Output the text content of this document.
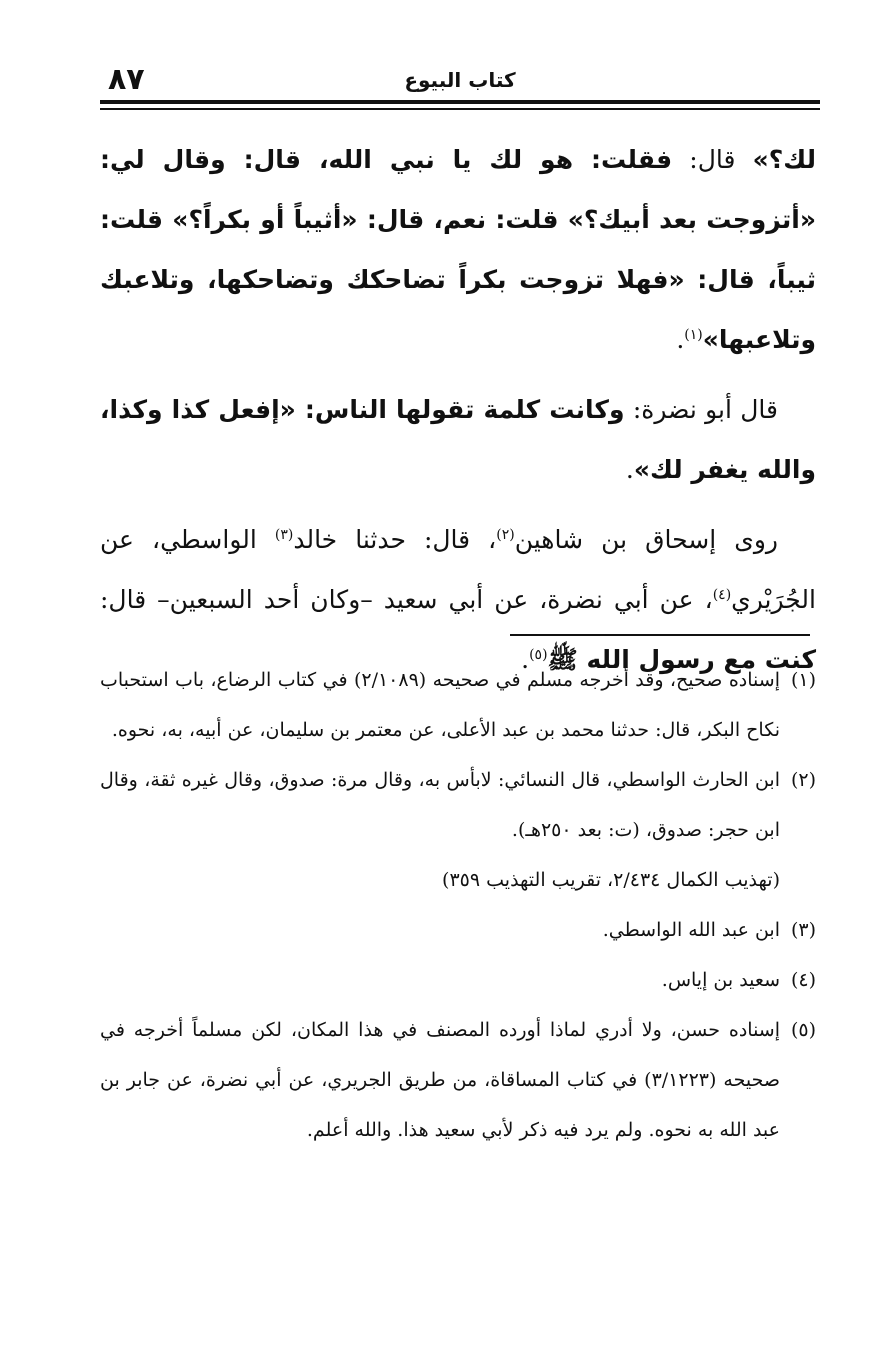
٨٧	كتاب البيوع

لك؟» قال: فقلت: هو لك يا نبي الله، قال: وقال لي: «أتزوجت بعد أبيك؟» قلت: نعم، قال: «أثيباً أو بكراً؟» قلت: ثيباً، قال: «فهلا تزوجت بكراً تضاحكك وتضاحكها، وتلاعبك وتلاعبها»$^{(١)}$.

قال أبو نضرة: وكانت كلمة تقولها الناس: «إفعل كذا وكذا، والله يغفر لك».

روى إسحاق بن شاهين$^{(٢)}$، قال: حدثنا خالد$^{(٣)}$ الواسطي، عن الجُرَيْري$^{(٤)}$، عن أبي نضرة، عن أبي سعيد –وكان أحد السبعين– قال: كنت مع رسول الله ﷺ$^{(٥)}$.

(١)
إسناده صحيح، وقد أخرجه مسلم في صحيحه (٢/١٠٨٩) في كتاب الرضاع، باب استحباب نكاح البكر، قال: حدثنا محمد بن عبد الأعلى، عن معتمر بن سليمان، عن أبيه، به، نحوه.

(٢)
ابن الحارث الواسطي، قال النسائي: لابأس به، وقال مرة: صدوق، وقال غيره ثقة، وقال ابن حجر: صدوق، (ت: بعد ٢٥٠هـ).
(تهذيب الكمال ٢/٤٣٤، تقريب التهذيب ٣٥٩)

(٣)
ابن عبد الله الواسطي.

(٤)
سعيد بن إياس.

(٥)
إسناده حسن، ولا أدري لماذا أورده المصنف في هذا المكان، لكن مسلماً أخرجه في صحيحه (٣/١٢٢٣) في كتاب المساقاة، من طريق الجريري، عن أبي نضرة، عن جابر بن عبد الله به نحوه. ولم يرد فيه ذكر لأبي سعيد هذا. والله أعلم.
